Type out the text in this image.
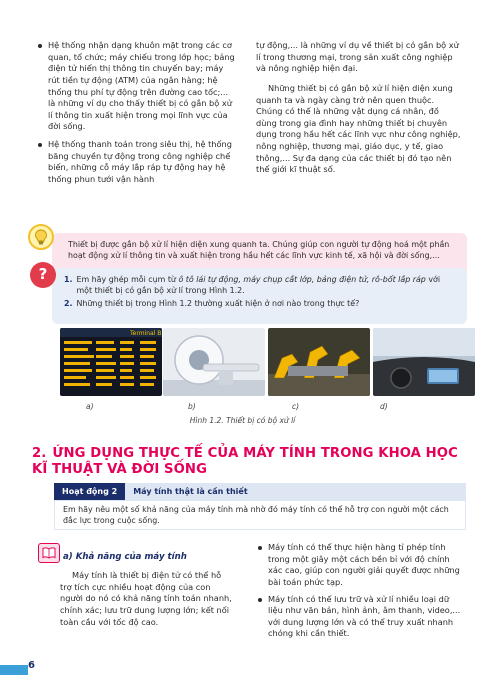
Hệ thống nhận dạng khuôn mặt trong các cơ quan, tổ chức; máy chiếu trong lớp học; bảng điện tử hiển thị thông tin chuyến bay; máy rút tiền tự động (ATM) của ngân hàng; hệ thống thu phí tự động trên đường cao tốc;... là những ví dụ cho thấy thiết bị có gắn bộ xử lí thông tin xuất hiện trong mọi lĩnh vực của đời sống.
Hệ thống thanh toán trong siêu thị, hệ thống băng chuyền tự động trong công nghiệp chế biến, những cỗ máy lắp ráp tự động hay hệ thống phun tưới vận hành

tự động,... là những ví dụ về thiết bị có gắn bộ xử lí trong thương mại, trong sản xuất công nghiệp và nông nghiệp hiện đại.

Những thiết bị có gắn bộ xử lí hiện diện xung quanh ta và ngày càng trở nên quen thuộc. Chúng có thể là những vật dụng cá nhân, đồ dùng trong gia đình hay những thiết bị chuyên dụng trong hầu hết các lĩnh vực như công nghiệp, nông nghiệp, thương mại, giáo dục, y tế, giao thông,... Sự đa dạng của các thiết bị đó tạo nên thế giới kĩ thuật số.

Thiết bị được gắn bộ xử lí hiện diện xung quanh ta. Chúng giúp con người tự động hoá một phần hoạt động xử lí thông tin và xuất hiện trong hầu hết các lĩnh vực kinh tế, xã hội và đời sống,...

1. Em hãy ghép mỗi cụm từ ô tô lái tự động, máy chụp cắt lớp, bảng điện tử, rô-bốt lắp ráp với một thiết bị có gắn bộ xử lí trong Hình 1.2.
2. Những thiết bị trong Hình 1.2 thường xuất hiện ở nơi nào trong thực tế?
?
Terminal B
a)	b)	c)	d)
Hình 1.2. Thiết bị có bộ xử lí
2. ỨNG DỤNG THỰC TẾ CỦA MÁY TÍNH TRONG KHOA HỌC KĨ THUẬT VÀ ĐỜI SỐNG
Hoạt động 2	Máy tính thật là cần thiết
Em hãy nêu một số khả năng của máy tính mà nhờ đó máy tính có thể hỗ trợ con người một cách đắc lực trong cuộc sống.
a) Khả năng của máy tính

Máy tính là thiết bị điện tử có thể hỗ trợ tích cực nhiều hoạt động của con người do nó có khả năng tính toán nhanh, chính xác; lưu trữ dung lượng lớn; kết nối toàn cầu với tốc độ cao.

Máy tính có thể thực hiện hàng tỉ phép tính trong một giây một cách bền bỉ với độ chính xác cao, giúp con người giải quyết được những bài toán phức tạp.
Máy tính có thể lưu trữ và xử lí nhiều loại dữ liệu như văn bản, hình ảnh, âm thanh, video,... với dung lượng lớn và có thể truy xuất nhanh chóng khi cần thiết.
6
